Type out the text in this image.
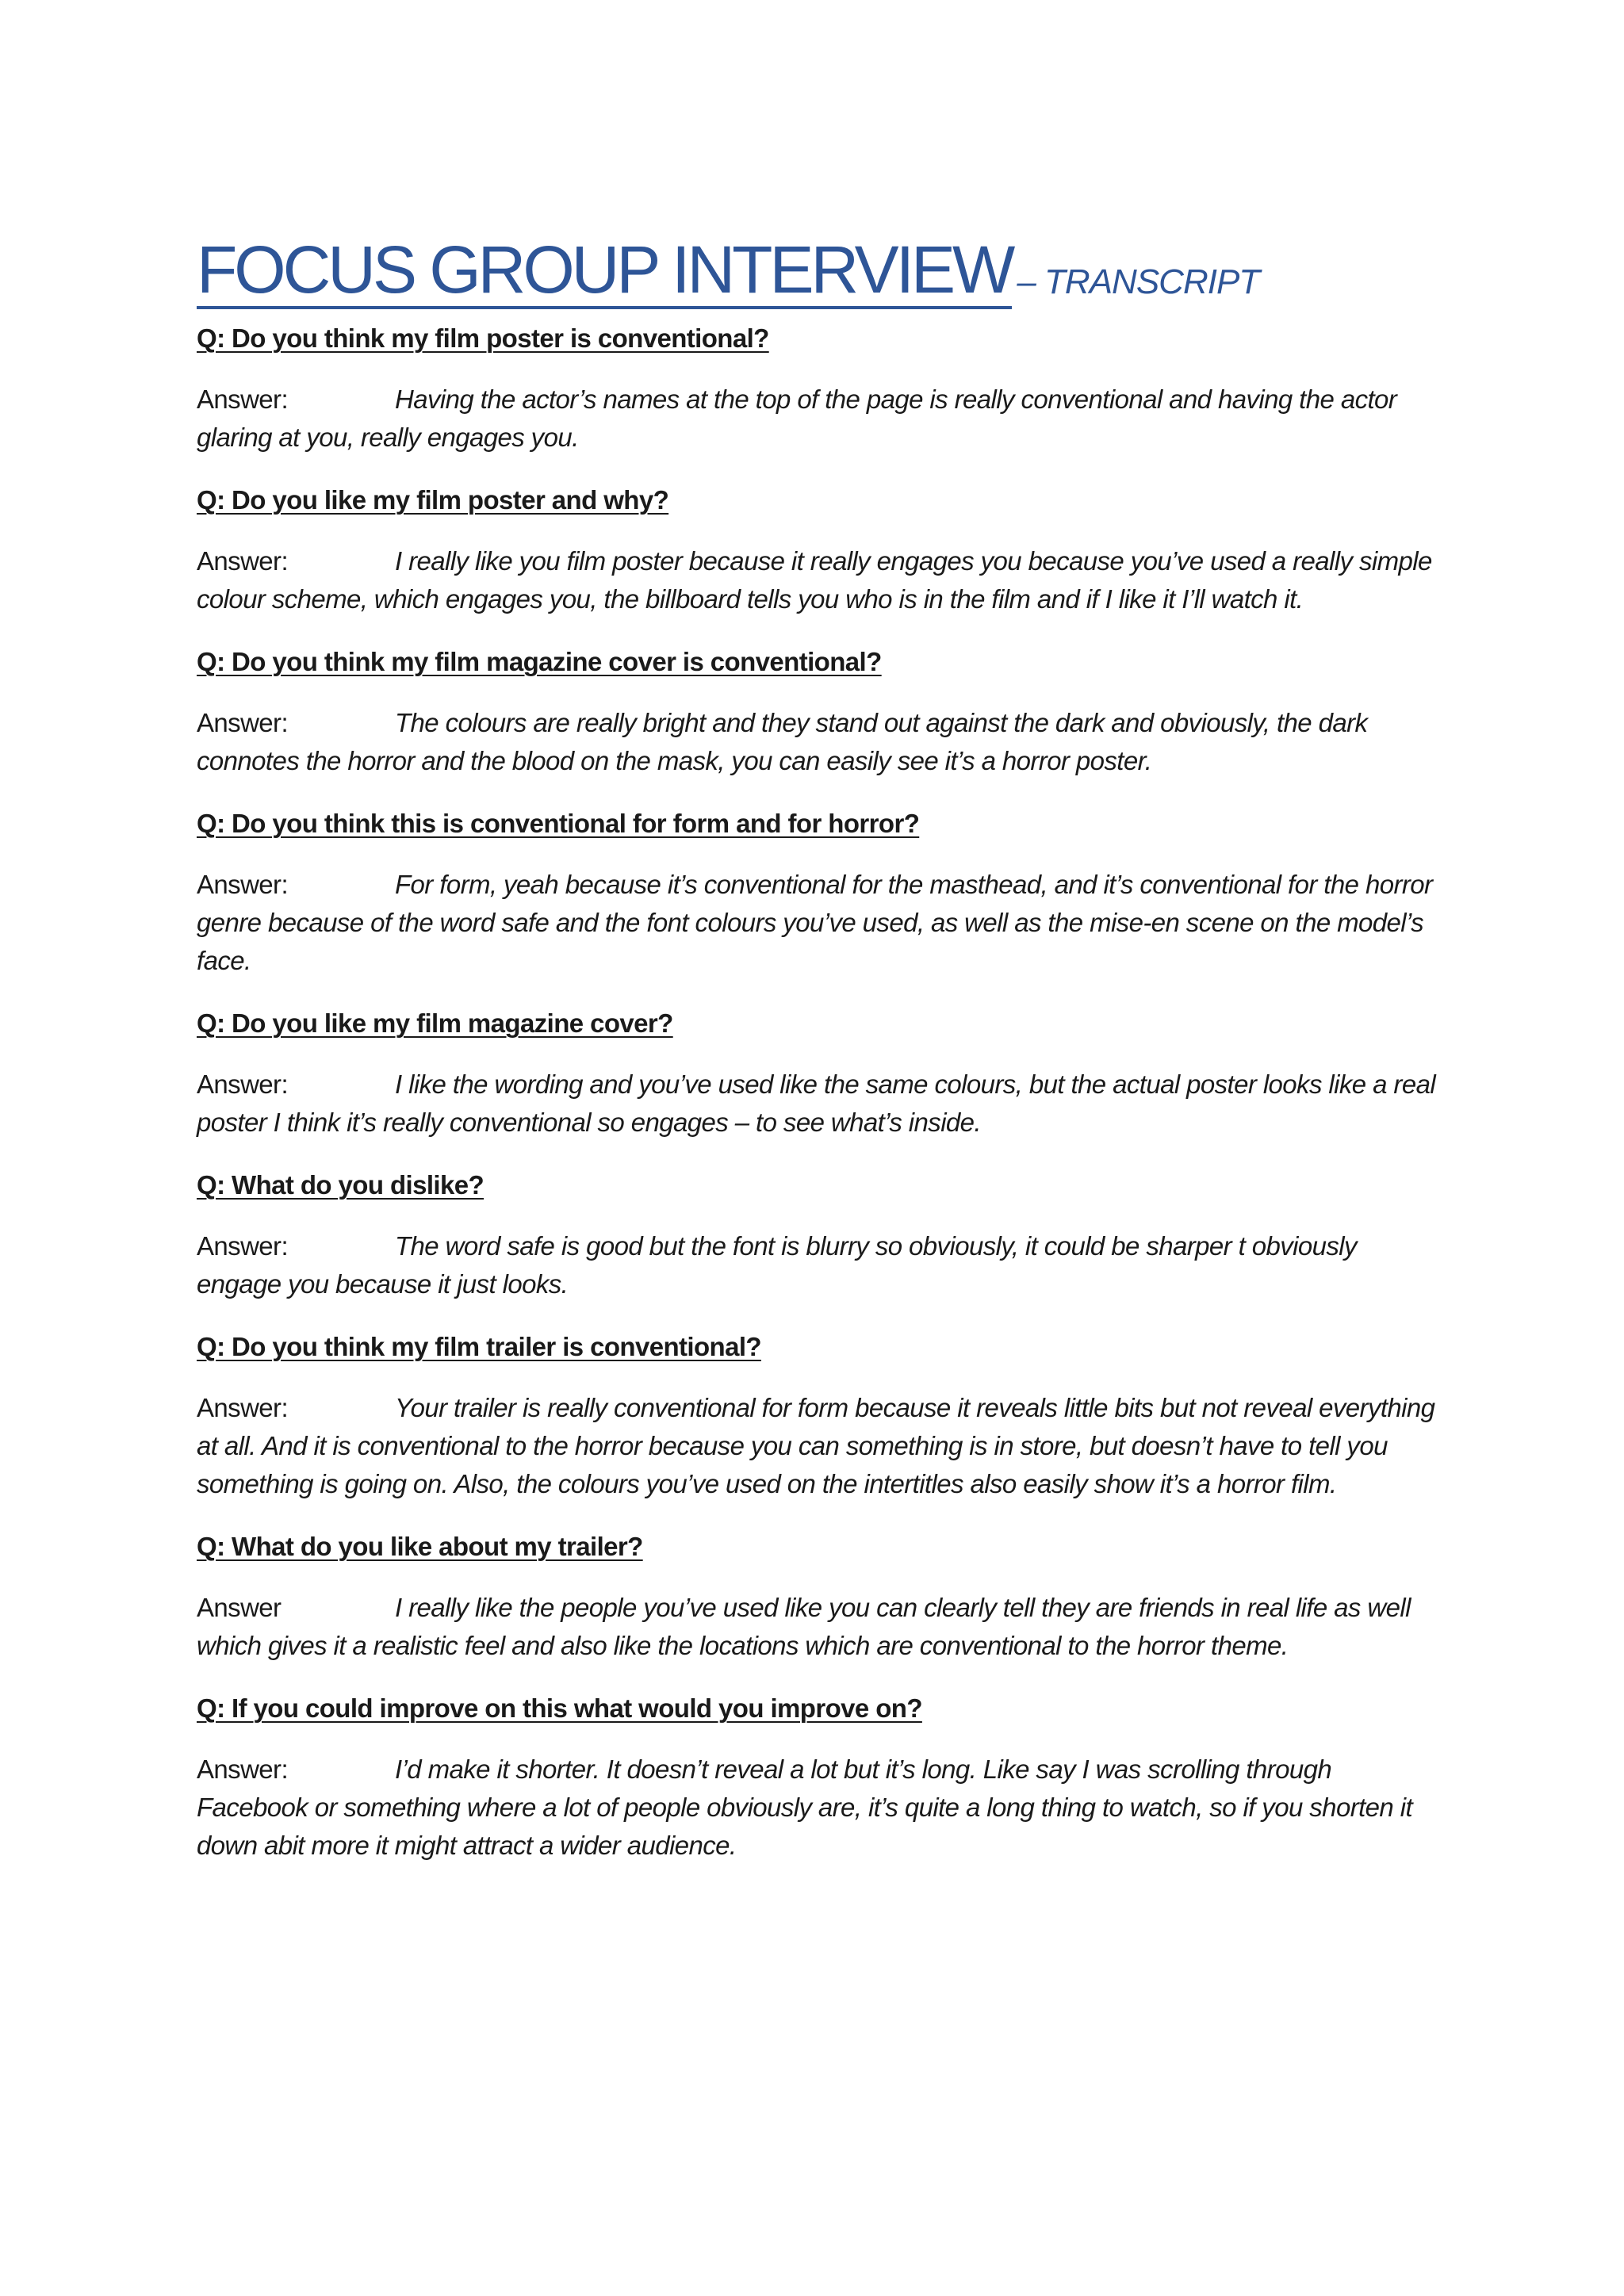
FOCUS GROUP INTERVIEW – TRANSCRIPT
Q: Do you think my film poster is conventional?
Answer:	Having the actor’s names at the top of the page is really conventional and having the actor glaring at you, really engages you.
Q: Do you like my film poster and why?
Answer:	I really like you film poster because it really engages you because you’ve used a really simple colour scheme, which engages you, the billboard tells you who is in the film and if I like it I’ll watch it.
Q: Do you think my film magazine cover is conventional?
Answer:	The colours are really bright and they stand out against the dark and obviously, the dark connotes the horror and the blood on the mask, you can easily see it’s a horror poster.
Q: Do you think this is conventional for form and for horror?
Answer:	For form, yeah because it’s conventional for the masthead, and it’s conventional for the horror genre because of the word safe and the font colours you’ve used, as well as the mise-en scene on the model’s face.
Q: Do you like my film magazine cover?
Answer:	I like the wording and you’ve used like the same colours, but the actual poster looks like a real poster I think it’s really conventional so engages – to see what’s inside.
Q: What do you dislike?
Answer:	The word safe is good but the font is blurry so obviously, it could be sharper t obviously engage you because it just looks.
Q: Do you think my film trailer is conventional?
Answer:	Your trailer is really conventional for form because it reveals little bits but not reveal everything at all. And it is conventional to the horror because you can something is in store, but doesn’t have to tell you something is going on. Also, the colours you’ve used on the intertitles also easily show it’s a horror film.
Q: What do you like about my trailer?
Answer	I really like the people you’ve used like you can clearly tell they are friends in real life as well which gives it a realistic feel and also like the locations which are conventional to the horror theme.
Q: If you could improve on this what would you improve on?
Answer:	I’d make it shorter. It doesn’t reveal a lot but it’s long. Like say I was scrolling through Facebook or something where a lot of people obviously are, it’s quite a long thing to watch, so if you shorten it down abit more it might attract a wider audience.
